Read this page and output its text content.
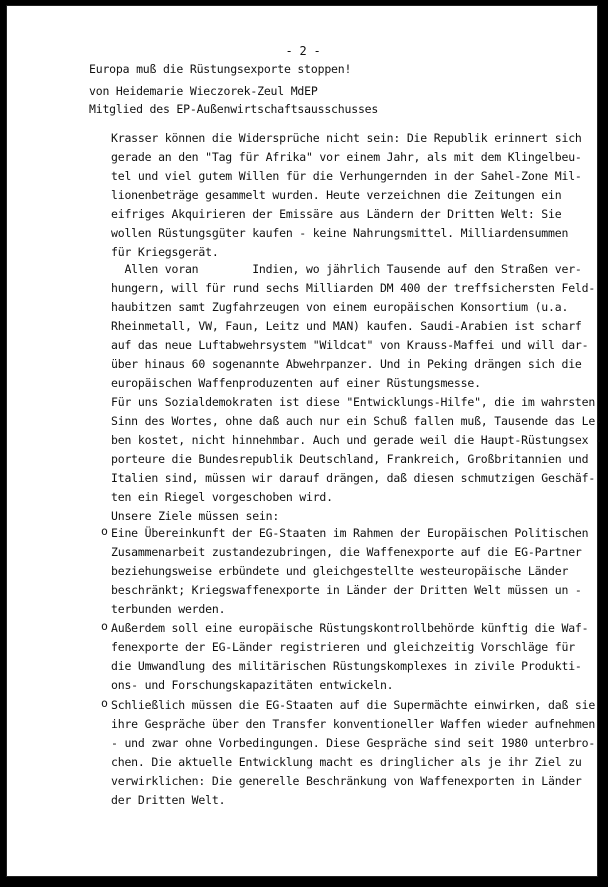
- 2 -
Europa muß die Rüstungsexporte stoppen!
von Heidemarie Wieczorek-Zeul MdEP
Mitglied des EP-Außenwirtschaftsausschusses
Krasser können die Widersprüche nicht sein: Die Republik erinnert sich
gerade an den "Tag für Afrika" vor einem Jahr, als mit dem Klingelbeu-
tel und viel gutem Willen für die Verhungernden in der Sahel-Zone Mil-
lionenbeträge gesammelt wurden. Heute verzeichnen die Zeitungen ein
eifriges Akquirieren der Emissäre aus Ländern der Dritten Welt: Sie
wollen Rüstungsgüter kaufen - keine Nahrungsmittel. Milliardensummen
für Kriegsgerät.
Allen voran        Indien, wo jährlich Tausende auf den Straßen ver-
hungern, will für rund sechs Milliarden DM 400 der treffsichersten Feld-
haubitzen samt Zugfahrzeugen von einem europäischen Konsortium (u.a.
Rheinmetall, VW, Faun, Leitz und MAN) kaufen. Saudi-Arabien ist scharf
auf das neue Luftabwehrsystem "Wildcat" von Krauss-Maffei und will dar-
über hinaus 60 sogenannte Abwehrpanzer. Und in Peking drängen sich die
europäischen Waffenproduzenten auf einer Rüstungsmesse.
Für uns Sozialdemokraten ist diese "Entwicklungs-Hilfe", die im wahrsten
Sinn des Wortes, ohne daß auch nur ein Schuß fallen muß, Tausende das Le-
ben kostet, nicht hinnehmbar. Auch und gerade weil die Haupt-Rüstungsex -
porteure die Bundesrepublik Deutschland, Frankreich, Großbritannien und
Italien sind, müssen wir darauf drängen, daß diesen schmutzigen Geschäf-
ten ein Riegel vorgeschoben wird.
Unsere Ziele müssen sein:
o Eine Übereinkunft der EG-Staaten im Rahmen der Europäischen Politischen
Zusammenarbeit zustandezubringen, die Waffenexporte auf die EG-Partner
beziehungsweise erbündete und gleichgestellte westeuropäische Länder
beschränkt; Kriegswaffenexporte in Länder der Dritten Welt müssen un -
terbunden werden.
o Außerdem soll eine europäische Rüstungskontrollbehörde künftig die Waf-
fenexporte der EG-Länder registrieren und gleichzeitig Vorschläge für
die Umwandlung des militärischen Rüstungskomplexes in zivile Produkti-
ons- und Forschungskapazitäten entwickeln.
o Schließlich müssen die EG-Staaten auf die Supermächte einwirken, daß sie
ihre Gespräche über den Transfer konventioneller Waffen wieder aufnehmen
- und zwar ohne Vorbedingungen. Diese Gespräche sind seit 1980 unterbro-
chen. Die aktuelle Entwicklung macht es dringlicher als je ihr Ziel zu
verwirklichen: Die generelle Beschränkung von Waffenexporten in Länder
der Dritten Welt.
